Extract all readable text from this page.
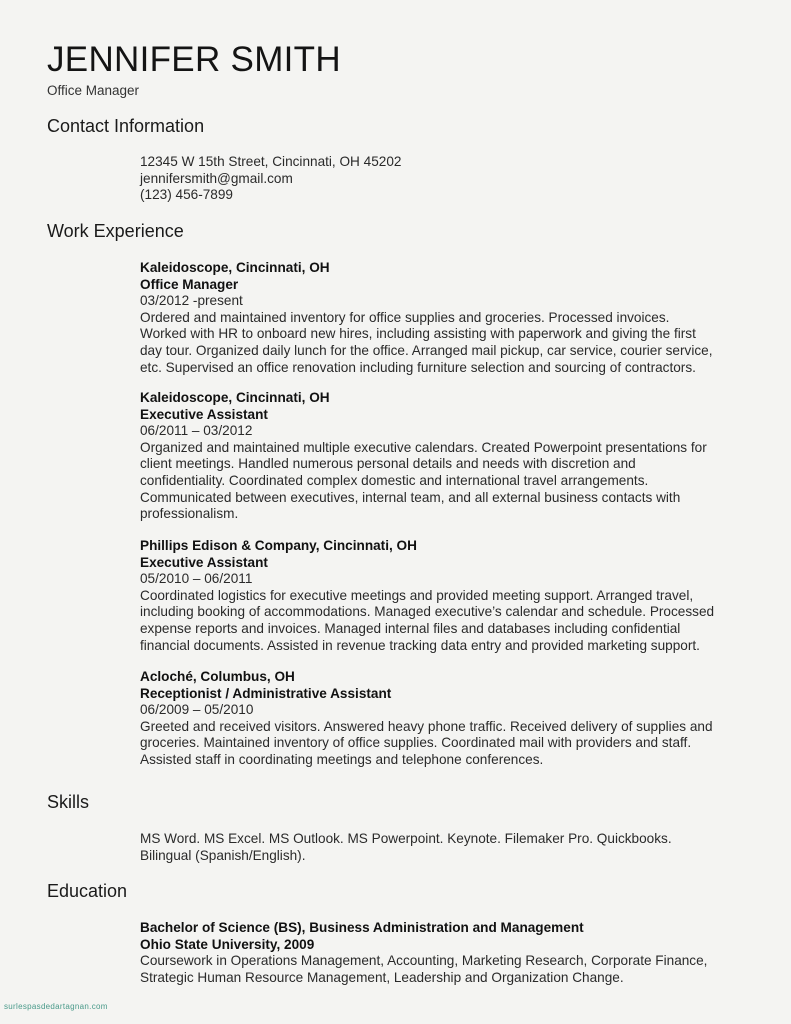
JENNIFER SMITH
Office Manager
Contact Information
12345 W 15th Street, Cincinnati, OH 45202
jennifersmith@gmail.com
(123) 456-7899
Work Experience
Kaleidoscope, Cincinnati, OH
Office Manager
03/2012 -present
Ordered and maintained inventory for office supplies and groceries. Processed invoices.
Worked with HR to onboard new hires, including assisting with paperwork and giving the first
day tour. Organized daily lunch for the office. Arranged mail pickup, car service, courier service,
etc. Supervised an office renovation including furniture selection and sourcing of contractors.
Kaleidoscope, Cincinnati, OH
Executive Assistant
06/2011 – 03/2012
Organized and maintained multiple executive calendars. Created Powerpoint presentations for
client meetings. Handled numerous personal details and needs with discretion and
confidentiality. Coordinated complex domestic and international travel arrangements.
Communicated between executives, internal team, and all external business contacts with
professionalism.
Phillips Edison & Company, Cincinnati, OH
Executive Assistant
05/2010 – 06/2011
Coordinated logistics for executive meetings and provided meeting support. Arranged travel,
including booking of accommodations. Managed executive’s calendar and schedule. Processed
expense reports and invoices. Managed internal files and databases including confidential
financial documents. Assisted in revenue tracking data entry and provided marketing support.
Acloché, Columbus, OH
Receptionist / Administrative Assistant
06/2009 – 05/2010
Greeted and received visitors. Answered heavy phone traffic. Received delivery of supplies and
groceries. Maintained inventory of office supplies. Coordinated mail with providers and staff.
Assisted staff in coordinating meetings and telephone conferences.
Skills
MS Word. MS Excel. MS Outlook. MS Powerpoint. Keynote. Filemaker Pro. Quickbooks.
Bilingual (Spanish/English).
Education
Bachelor of Science (BS), Business Administration and Management
Ohio State University, 2009
Coursework in Operations Management, Accounting, Marketing Research, Corporate Finance,
Strategic Human Resource Management, Leadership and Organization Change.
surlespasdedartagnan.com
